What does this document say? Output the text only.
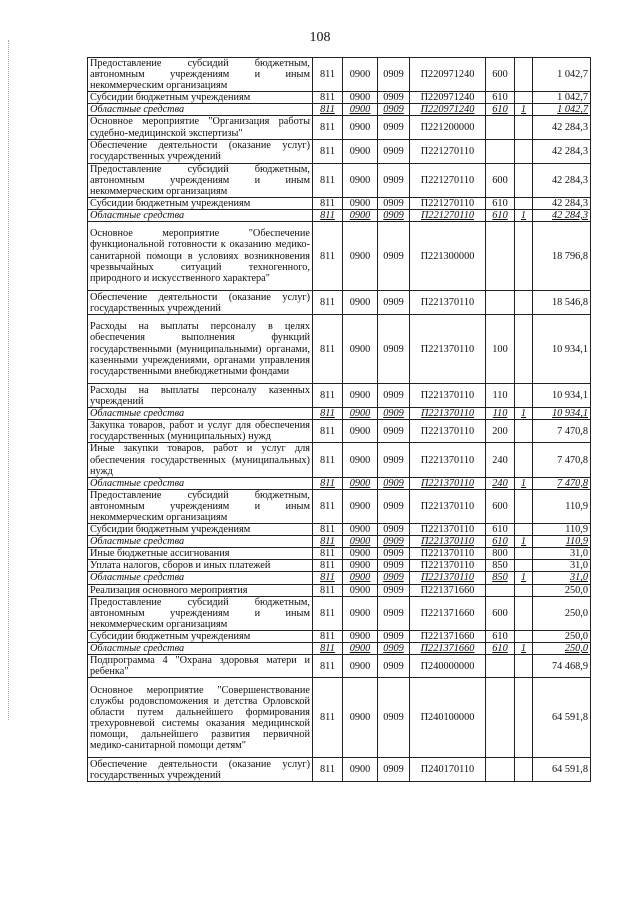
108
Предоставление субсидий бюджетным, автономным учреждениям и иным некоммерческим организациям	811	0900	0909	П220971240	600		1 042,7
Субсидии бюджетным учреждениям	811	0900	0909	П220971240	610		1 042,7
Областные средства	811	0900	0909	П220971240	610	1	1 042,7
Основное мероприятие "Организация работы судебно-медицинской экспертизы"	811	0900	0909	П221200000			42 284,3
Обеспечение деятельности (оказание услуг) государственных учреждений	811	0900	0909	П221270110			42 284,3
Предоставление субсидий бюджетным, автономным учреждениям и иным некоммерческим организациям	811	0900	0909	П221270110	600		42 284,3
Субсидии бюджетным учреждениям	811	0900	0909	П221270110	610		42 284,3
Областные средства	811	0900	0909	П221270110	610	1	42 284,3
Основное мероприятие "Обеспечение функциональной готовности к оказанию медико-санитарной помощи в условиях возникновения чрезвычайных ситуаций техногенного, природного и искусственного характера"	811	0900	0909	П221300000			18 796,8
Обеспечение деятельности (оказание услуг) государственных учреждений	811	0900	0909	П221370110			18 546,8
Расходы на выплаты персоналу в целях обеспечения выполнения функций государственными (муниципальными) органами, казенными учреждениями, органами управления государственными внебюджетными фондами	811	0900	0909	П221370110	100		10 934,1
Расходы на выплаты персоналу казенных учреждений	811	0900	0909	П221370110	110		10 934,1
Областные средства	811	0900	0909	П221370110	110	1	10 934,1
Закупка товаров, работ и услуг для обеспечения государственных (муниципальных) нужд	811	0900	0909	П221370110	200		7 470,8
Иные закупки товаров, работ и услуг для обеспечения государственных (муниципальных) нужд	811	0900	0909	П221370110	240		7 470,8
Областные средства	811	0900	0909	П221370110	240	1	7 470,8
Предоставление субсидий бюджетным, автономным учреждениям и иным некоммерческим организациям	811	0900	0909	П221370110	600		110,9
Субсидии бюджетным учреждениям	811	0900	0909	П221370110	610		110,9
Областные средства	811	0900	0909	П221370110	610	1	110,9
Иные бюджетные ассигнования	811	0900	0909	П221370110	800		31,0
Уплата налогов, сборов и иных платежей	811	0900	0909	П221370110	850		31,0
Областные средства	811	0900	0909	П221370110	850	1	31,0
Реализация основного мероприятия	811	0900	0909	П221371660			250,0
Предоставление субсидий бюджетным, автономным учреждениям и иным некоммерческим организациям	811	0900	0909	П221371660	600		250,0
Субсидии бюджетным учреждениям	811	0900	0909	П221371660	610		250,0
Областные средства	811	0900	0909	П221371660	610	1	250,0
Подпрограмма 4 "Охрана здоровья матери и ребенка"	811	0900	0909	П240000000			74 468,9
Основное мероприятие "Совершенствование службы родовспоможения и детства Орловской области путем дальнейшего формирования трехуровневой системы оказания медицинской помощи, дальнейшего развития первичной медико-санитарной помощи детям"	811	0900	0909	П240100000			64 591,8
Обеспечение деятельности (оказание услуг) государственных учреждений	811	0900	0909	П240170110			64 591,8
